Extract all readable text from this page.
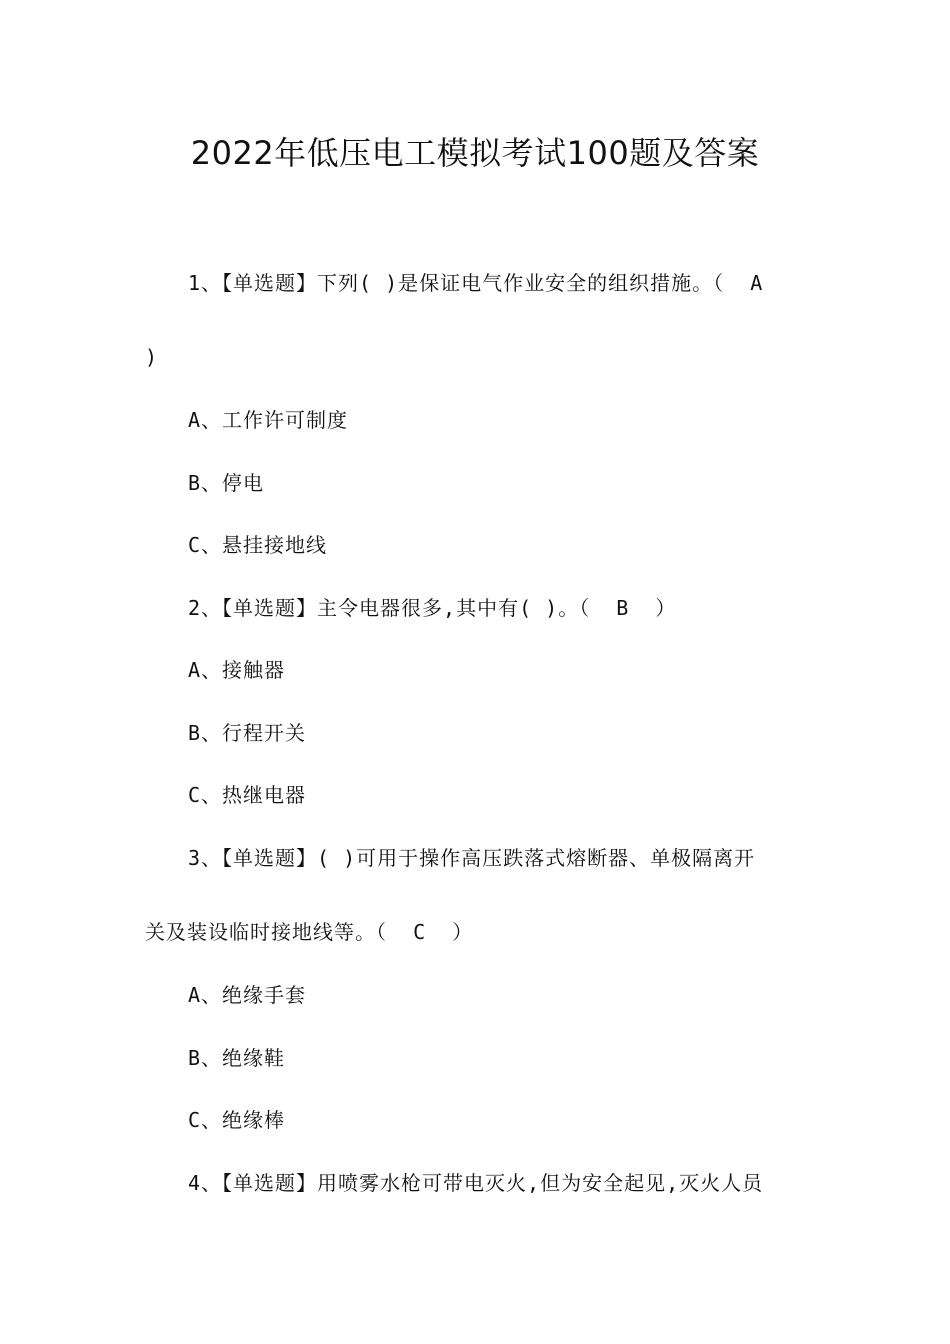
2022年低压电工模拟考试100题及答案
1、【单选题】下列( )是保证电气作业安全的组织措施。（  A
)
A、工作许可制度
B、停电
C、悬挂接地线
2、【单选题】主令电器很多,其中有( )。（  B  ）
A、接触器
B、行程开关
C、热继电器
3、【单选题】( )可用于操作高压跌落式熔断器、单极隔离开
关及装设临时接地线等。（  C  ）
A、绝缘手套
B、绝缘鞋
C、绝缘棒
4、【单选题】用喷雾水枪可带电灭火,但为安全起见,灭火人员
